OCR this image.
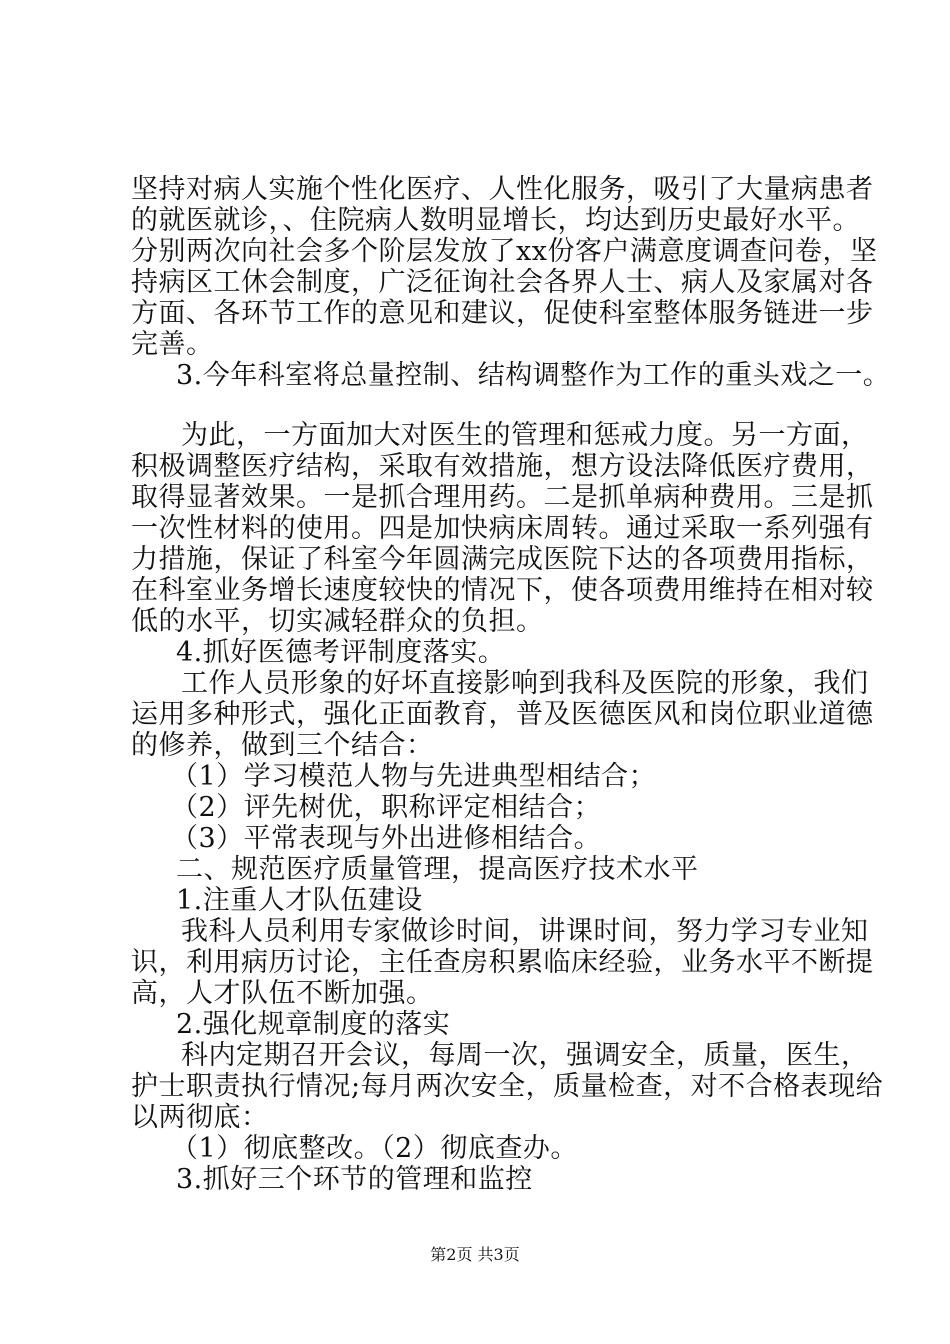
坚持对病人实施个性化医疗、人性化服务，吸引了大量病患者
的就医就诊，、住院病人数明显增长，均达到历史最好水平。
分别两次向社会多个阶层发放了xx份客户满意度调查问卷，坚
持病区工休会制度，广泛征询社会各界人士、病人及家属对各
方面、各环节工作的意见和建议，促使科室整体服务链进一步
完善。
3.今年科室将总量控制、结构调整作为工作的重头戏之一。
为此，一方面加大对医生的管理和惩戒力度。另一方面，
积极调整医疗结构，采取有效措施，想方设法降低医疗费用，
取得显著效果。一是抓合理用药。二是抓单病种费用。三是抓
一次性材料的使用。四是加快病床周转。通过采取一系列强有
力措施，保证了科室今年圆满完成医院下达的各项费用指标，
在科室业务增长速度较快的情况下，使各项费用维持在相对较
低的水平，切实减轻群众的负担。
4.抓好医德考评制度落实。
工作人员形象的好坏直接影响到我科及医院的形象，我们
运用多种形式，强化正面教育，普及医德医风和岗位职业道德
的修养，做到三个结合：
（1）学习模范人物与先进典型相结合；
（2）评先树优，职称评定相结合；
（3）平常表现与外出进修相结合。
二、规范医疗质量管理，提高医疗技术水平
1.注重人才队伍建设
我科人员利用专家做诊时间，讲课时间，努力学习专业知
识，利用病历讨论，主任查房积累临床经验，业务水平不断提
高，人才队伍不断加强。
2.强化规章制度的落实
科内定期召开会议，每周一次，强调安全，质量，医生，
护士职责执行情况;每月两次安全，质量检查，对不合格表现给
以两彻底：
（1）彻底整改。（2）彻底查办。
3.抓好三个环节的管理和监控
第2页 共3页
